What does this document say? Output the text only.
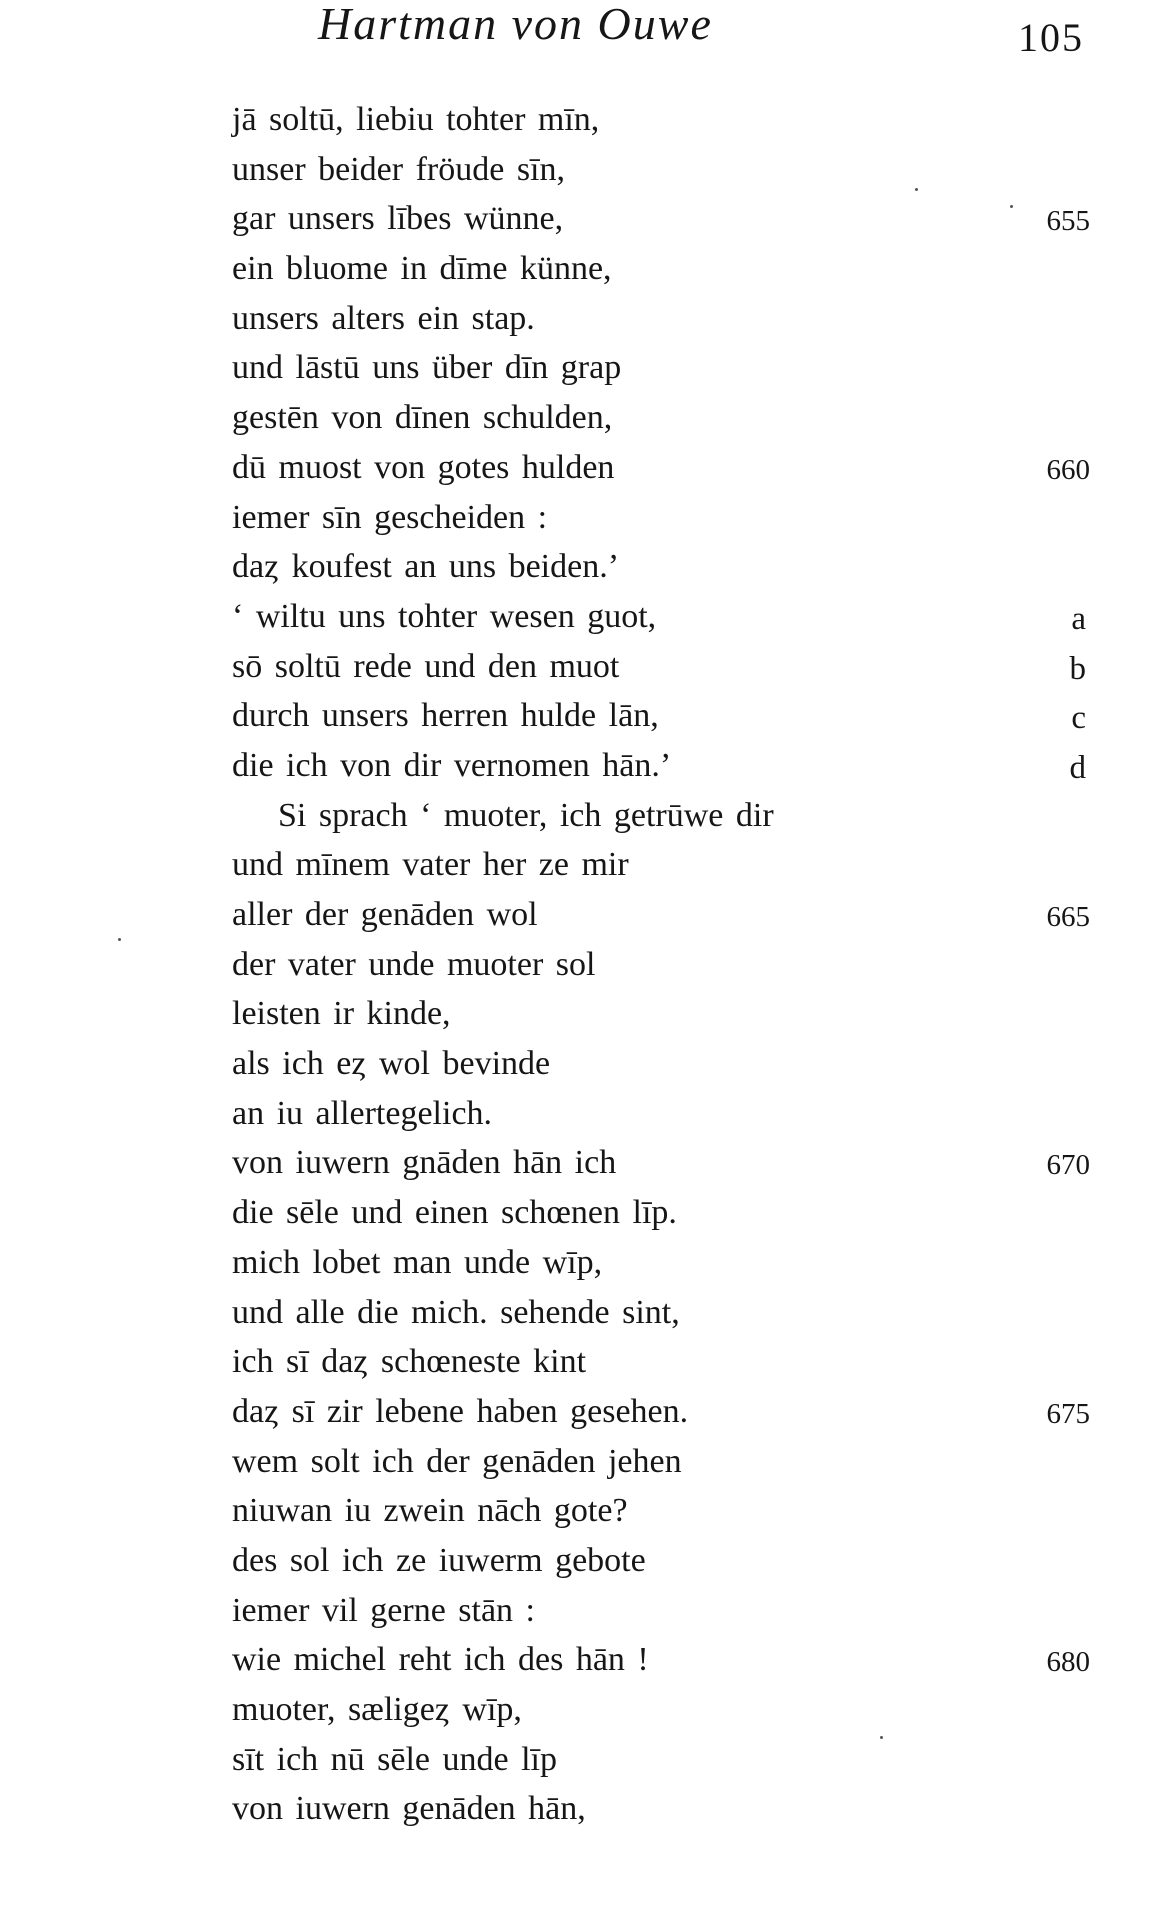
Hartman von Ouwe	105
jā soltū, liebiu tohter mīn,
unser beider fröude sīn,
gar unsers lībes wünne,	655
ein bluome in dīme künne,
unsers alters ein stap.
und lāstū uns über dīn grap
gestēn von dīnen schulden,
dū muost von gotes hulden	660
iemer sīn gescheiden :
daȥ koufest an uns beiden.’
‘ wiltu uns tohter wesen guot,	a
sō soltū rede und den muot	b
durch unsers herren hulde lān,	c
die ich von dir vernomen hān.’	d
Si sprach ‘ muoter, ich getrūwe dir
und mīnem vater her ze mir
aller der genāden wol	665
der vater unde muoter sol
leisten ir kinde,
als ich eȥ wol bevinde
an iu allertegelich.
von iuwern gnāden hān ich	670
die sēle und einen schœnen līp.
mich lobet man unde wīp,
und alle die mich. sehende sint,
ich sī daȥ schœneste kint
daȥ sī zir lebene haben gesehen.	675
wem solt ich der genāden jehen
niuwan iu zwein nāch gote?
des sol ich ze iuwerm gebote
iemer vil gerne stān :
wie michel reht ich des hān !	680
muoter, sæligeȥ wīp,
sīt ich nū sēle unde līp
von iuwern genāden hān,
